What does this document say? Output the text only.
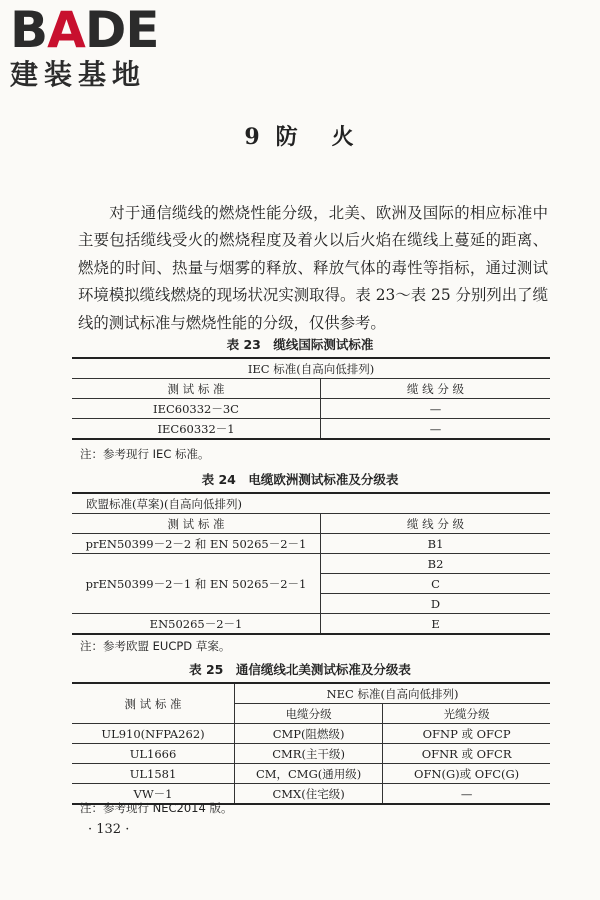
BADE
建装基地
9 防 火

对于通信缆线的燃烧性能分级，北美、欧洲及国际的相应标准中主要包括缆线受火的燃烧程度及着火以后火焰在缆线上蔓延的距离、燃烧的时间、热量与烟雾的释放、释放气体的毒性等指标，通过测试环境模拟缆线燃烧的现场状况实测取得。表 23～表 25 分别列出了缆线的测试标准与燃烧性能的分级，仅供参考。

表 23　缆线国际测试标准
IEC 标准(自高向低排列)	
测 试 标 准	缆 线 分 级
IEC60332－3C	—
IEC60332－1	—
注：参考现行 IEC 标准。
表 24　电缆欧洲测试标准及分级表
欧盟标准(草案)(自高向低排列)	
测 试 标 准	缆 线 分 级
prEN50399－2－2 和 EN 50265－2－1	B1
prEN50399－2－1 和 EN 50265－2－1	B2
	C
	D
EN50265－2－1	E
注：参考欧盟 EUCPD 草案。
表 25　通信缆线北美测试标准及分级表
测 试 标 准	NEC 标准(自高向低排列)	
	电缆分级	光缆分级
UL910(NFPA262)	CMP(阻燃级)	OFNP 或 OFCP
UL1666	CMR(主干级)	OFNR 或 OFCR
UL1581	CM，CMG(通用级)	OFN(G)或 OFC(G)
VW－1	CMX(住宅级)	—
注：参考现行 NEC2014 版。
· 132 ·
